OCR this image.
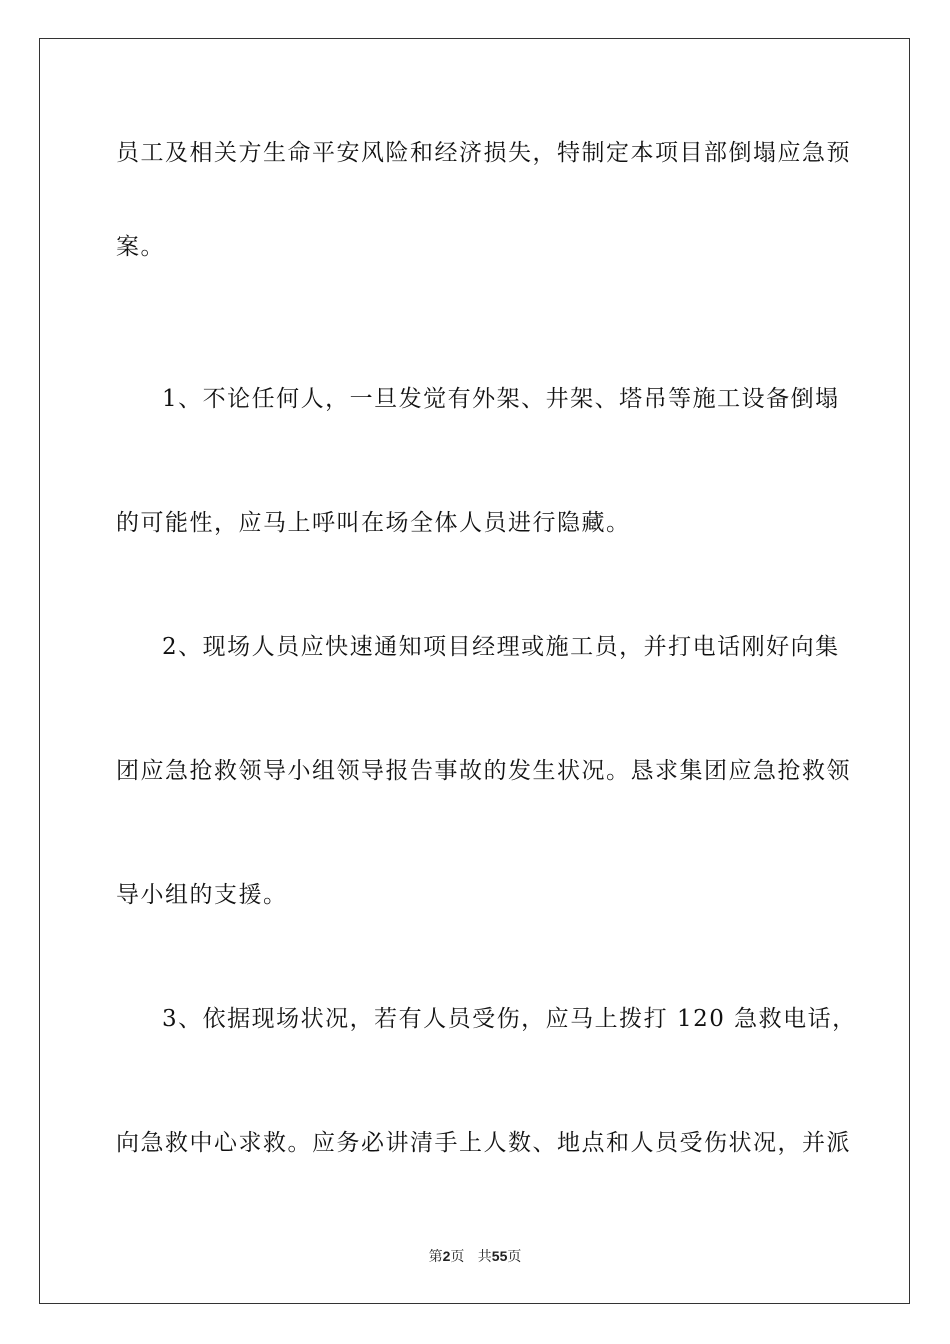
员工及相关方生命平安风险和经济损失，特制定本项目部倒塌应急预
案。
1、不论任何人，一旦发觉有外架、井架、塔吊等施工设备倒塌
的可能性，应马上呼叫在场全体人员进行隐藏。
2、现场人员应快速通知项目经理或施工员，并打电话刚好向集
团应急抢救领导小组领导报告事故的发生状况。恳求集团应急抢救领
导小组的支援。
3、依据现场状况，若有人员受伤，应马上拨打 120 急救电话，
向急救中心求救。应务必讲清手上人数、地点和人员受伤状况，并派
第2页 共55页
